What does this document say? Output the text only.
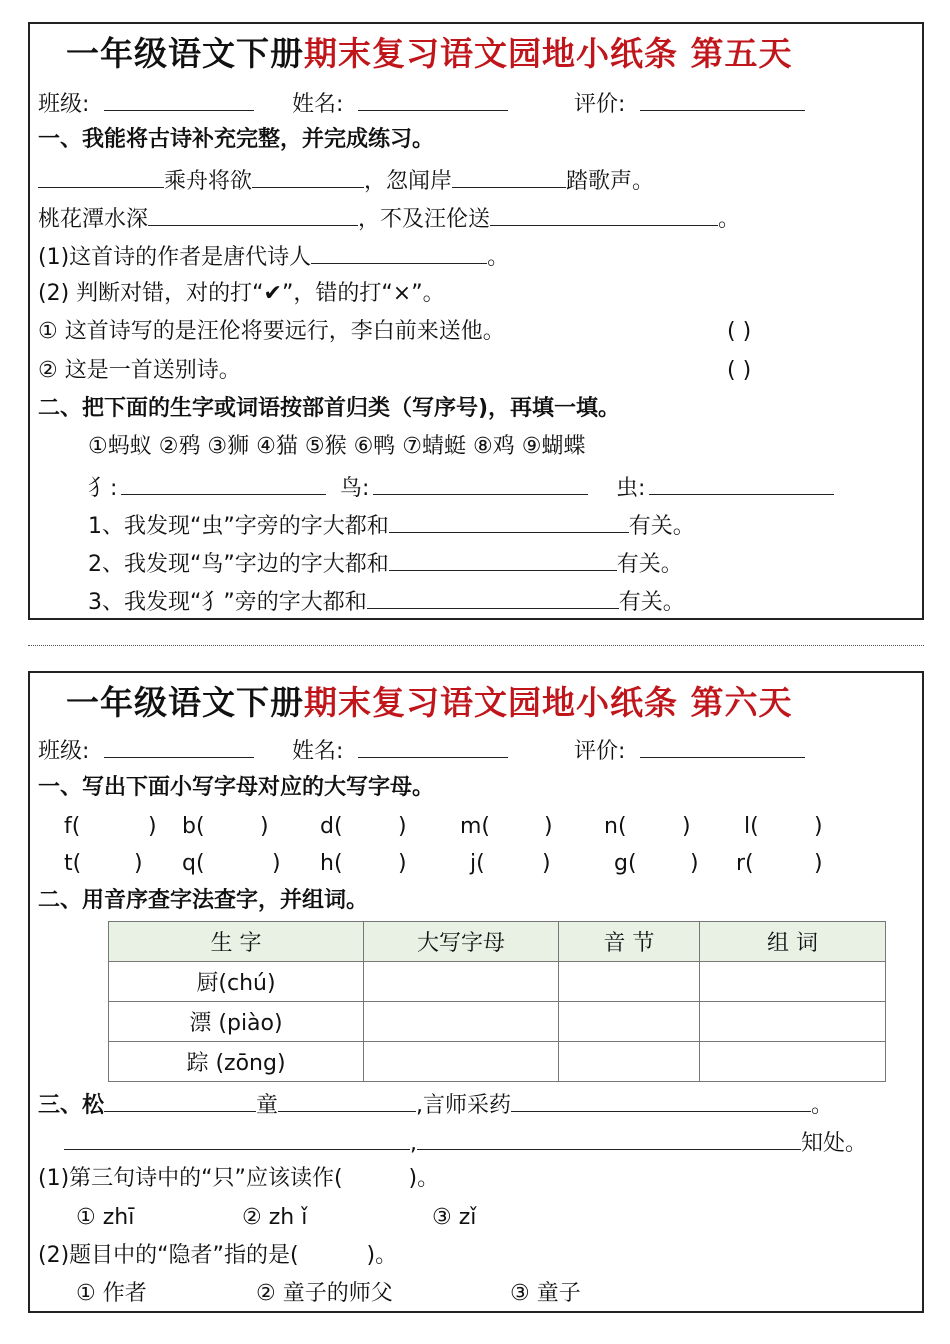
一年级语文下册期末复习语文园地小纸条 第五天
班级:	姓名:	评价:
一、我能将古诗补充完整，并完成练习。
乘舟将欲	，忽闻岸	踏歌声。
桃花潭水深	，不及汪伦送	。
(1)这首诗的作者是唐代诗人	。
(2) 判断对错，对的打“✔”，错的打“×”。
① 这首诗写的是汪伦将要远行，李白前来送他。	( )
② 这是一首送别诗。	( )
二、把下面的生字或词语按部首归类（写序号)，再填一填。
①蚂蚁 ②鸦 ③狮 ④猫 ⑤猴 ⑥鸭 ⑦蜻蜓 ⑧鸡 ⑨蝴蝶
犭:	鸟:	虫:
1、我发现“虫”字旁的字大都和	有关。
2、我发现“鸟”字边的字大都和	有关。
3、我发现“犭”旁的字大都和	有关。
一年级语文下册期末复习语文园地小纸条 第六天
班级:	姓名:	评价:
一、写出下面小写字母对应的大写字母。
f(	) b(	) d(	) m( ) n(	) l(	)
t( ) q(	) h(	)	j(	)	g( ) r(	)
二、用音序查字法查字，并组词。
生 字	大写字母	音 节	组 词
厨(chú)			
漂 (piào)			
踪 (zōng)			
三、松	童	,言师采药	。
,	知处。
(1)第三句诗中的“只”应该读作(	)。
① zhī	② zh ǐ	③ zǐ
(2)题目中的“隐者”指的是(	)。
① 作者	② 童子的师父	③ 童子
